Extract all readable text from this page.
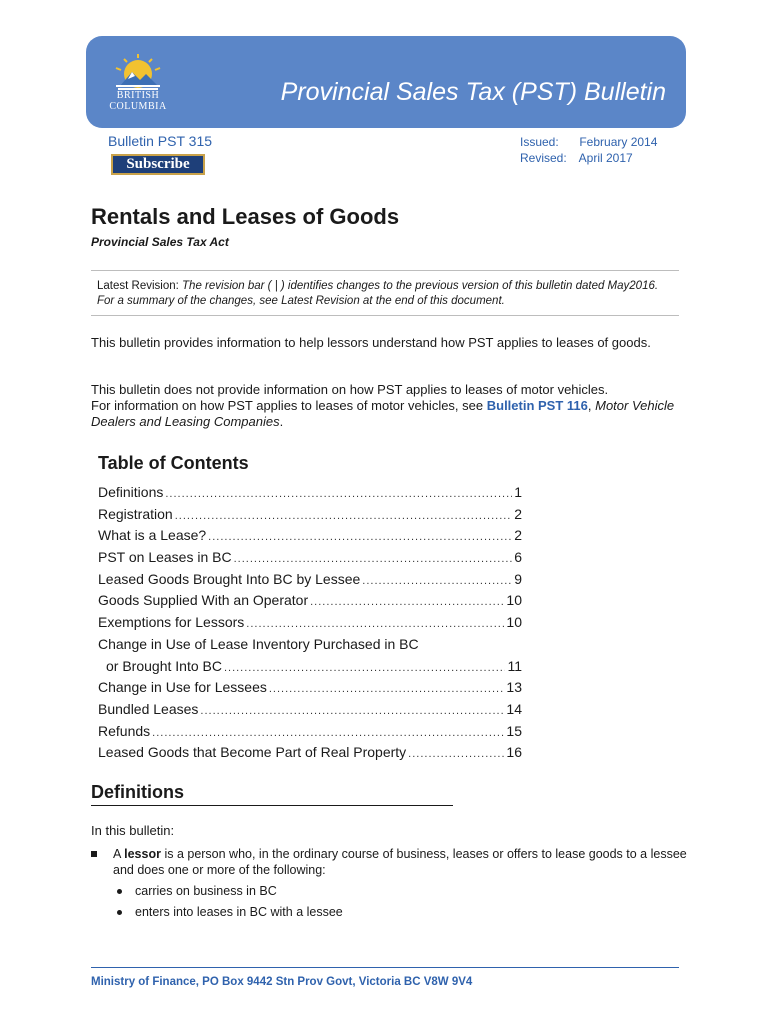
BRITISH
COLUMBIA
Provincial Sales Tax (PST) Bulletin
Bulletin PST 315
Subscribe
Issued: February 2014
Revised: April 2017
Rentals and Leases of Goods
Provincial Sales Tax Act
Latest Revision: The revision bar ( | ) identifies changes to the previous version of this bulletin dated May2016. For a summary of the changes, see Latest Revision at the end of this document.

This bulletin provides information to help lessors understand how PST applies to leases of goods.

This bulletin does not provide information on how PST applies to leases of motor vehicles.
For information on how PST applies to leases of motor vehicles, see Bulletin PST 116, Motor Vehicle Dealers and Leasing Companies.

Table of Contents
Definitions .....	1
Registration .....	2
What is a Lease? .....	2
PST on Leases in BC .....	6
Leased Goods Brought Into BC by Lessee .....	9
Goods Supplied With an Operator .....	10
Exemptions for Lessors .....	10
Change in Use of Lease Inventory Purchased in BC
or Brought Into BC .....	11
Change in Use for Lessees .....	13
Bundled Leases .....	14
Refunds .....	15
Leased Goods that Become Part of Real Property .....	16
Definitions

In this bulletin:

A lessor is a person who, in the ordinary course of business, leases or offers to lease goods to a lessee and does one or more of the following:
carries on business in BC
enters into leases in BC with a lessee
Ministry of Finance, PO Box 9442 Stn Prov Govt, Victoria BC V8W 9V4
